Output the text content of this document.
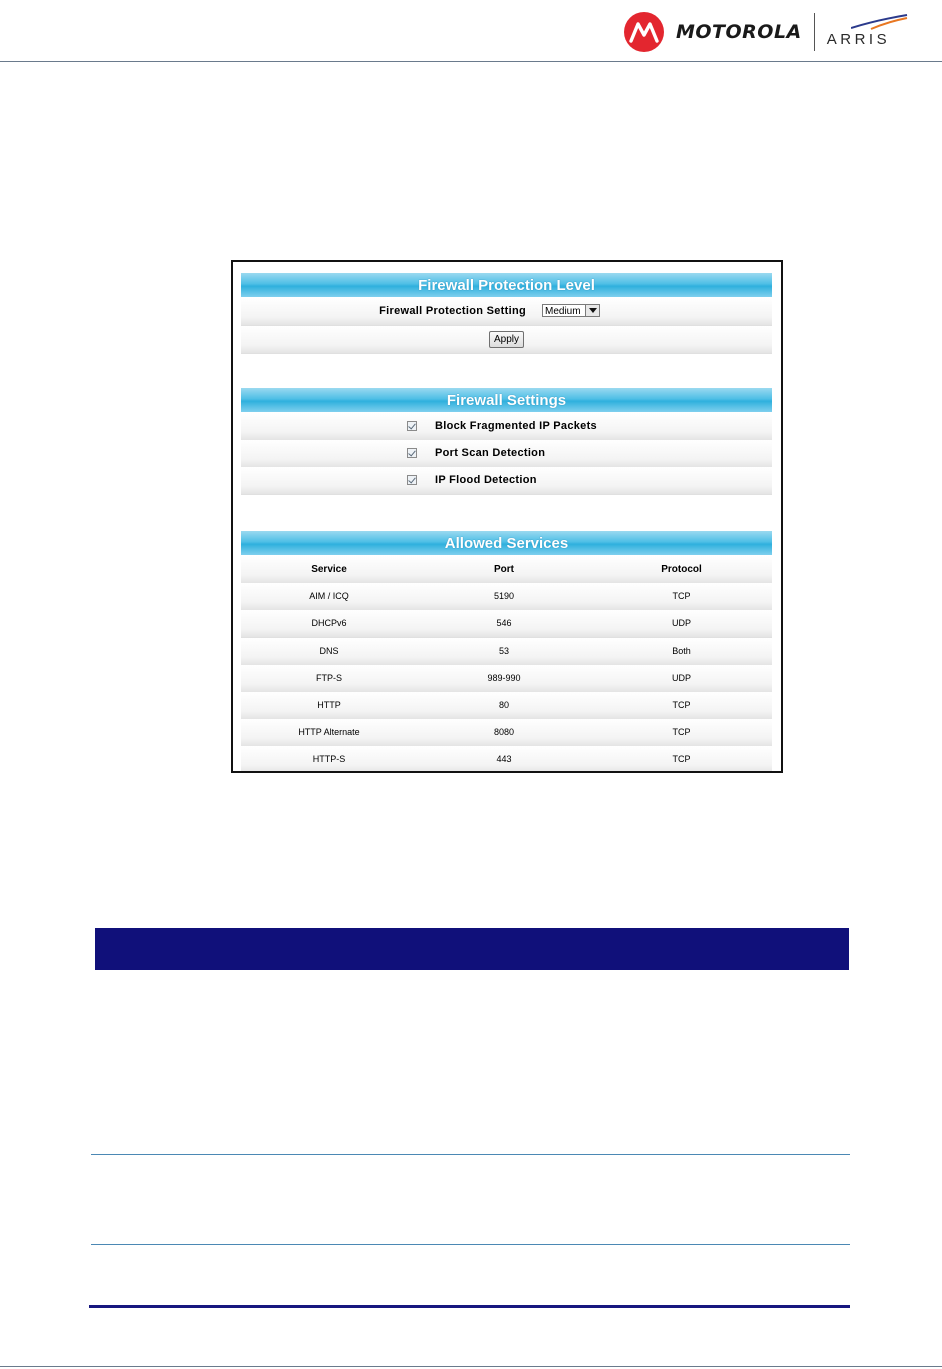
MOTOROLA ARRIS
Firewall Protection Level
Firewall Protection Setting	Medium
Apply
Firewall Settings
Block Fragmented IP Packets
Port Scan Detection
IP Flood Detection
Allowed Services
Service	Port	Protocol
AIM / ICQ	5190	TCP
DHCPv6	546	UDP
DNS	53	Both
FTP-S	989-990	UDP
HTTP	80	TCP
HTTP Alternate	8080	TCP
HTTP-S	443	TCP
